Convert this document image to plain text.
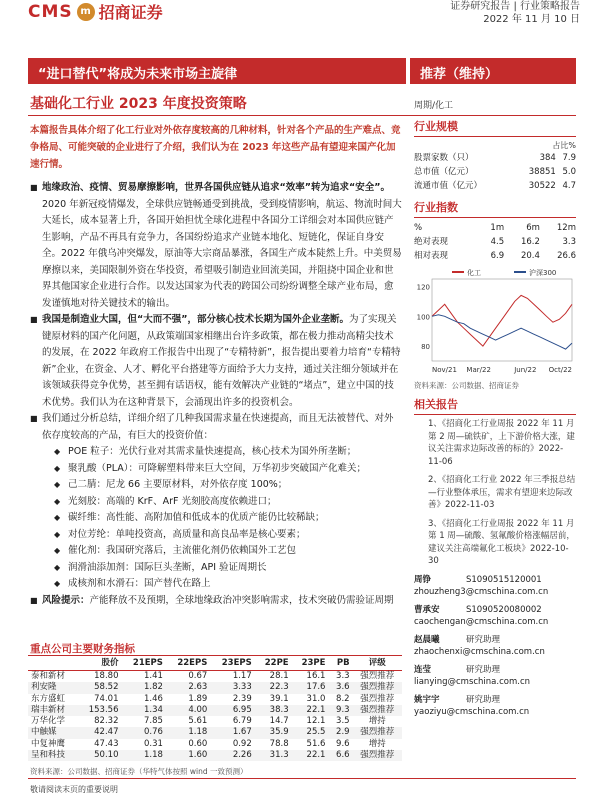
CMS m 招商证券	证券研究报告 | 行业策略报告
2022 年 11 月 10 日
“进口替代”将成为未来市场主旋律	推荐（维持）
基础化工行业 2023 年度投资策略	周期/化工
本篇报告具体介绍了化工行业对外依存度较高的几种材料，针对各个产品的生产难点、竞争格局、可能突破的企业进行了介绍，我们认为在 2023 年这些产品有望迎来国产化加速行情。
■ 地缘政治、疫情、贸易摩擦影响，世界各国供应链从追求“效率”转为追求“安全”。2020 年新冠疫情爆发，全球供应链畅通受到挑战，受到疫情影响，航运、物流时间大大延长，成本显著上升，各国开始担忧全球化进程中各国分工详细会对本国供应链产生影响，产品不再具有竞争力，各国纷纷追求产业链本地化、短链化，保证自身安全。2022 年俄乌冲突爆发，原油等大宗商品暴涨，各国生产成本陡然上升。中美贸易摩擦以来，美国限制外资在华投资，希望吸引制造业回流美国，并阻挠中国企业和世界其他国家企业进行合作。以发达国家为代表的跨国公司纷纷调整全球产业布局，愈发谨慎地对待关键技术的输出。
■ 我国是制造业大国，但“大而不强”，部分核心技术长期为国外企业垄断。为了实现关键原材料的国产化问题，从政策端国家相继出台许多政策，都在极力推动高精尖技术的发展，在 2022 年政府工作报告中出现了“专精特新”，报告提出要着力培育“专精特新”企业，在资金、人才、孵化平台搭建等方面给予大力支持，通过关注细分领域并在该领域获得竞争优势，甚至拥有话语权，能有效解决产业链的“堵点”，建立中国的技术优势。我们认为在这种背景下，会涌现出许多的投资机会。
■ 我们通过分析总结，详细介绍了几种我国需求量在快速提高，而且无法被替代、对外依存度较高的产品，有巨大的投资价值：
◆ POE 粒子：光伏行业对其需求量快速提高，核心技术为国外所垄断；
◆ 聚乳酸（PLA）：可降解塑料带来巨大空间，万华初步突破国产化难关；
◆ 己二腈：尼龙 66 主要原材料，对外依存度 100%；
◆ 光刻胶：高端的 KrF、ArF 光刻胶高度依赖进口；
◆ 碳纤维：高性能、高附加值和低成本的优质产能仍比较稀缺；
◆ 对位芳纶：单吨投资高，高质量和高良品率是核心要素；
◆ 催化剂：我国研究落后，主流催化剂仍依赖国外工艺包
◆ 润滑油添加剂：国际巨头垄断，API 验证周期长
◆ 成核剂和水滑石：国产替代在路上
■ 风险提示：产能释放不及预期，全球地缘政治冲突影响需求，技术突破仍需验证周期
行业规模
占比%
股票家数（只）	384	7.9
总市值（亿元）	38851	5.0
流通市值（亿元）	30522	4.7
行业指数
%	1m	6m	12m
绝对表现	4.5	16.2	3.3
相对表现	6.9	20.4	26.6
120
100
80
Nov/21 Mar/22	Jun/22 Oct/22
化工	沪深300
资料来源：公司数据、招商证券
相关报告
1、《招商化工行业周报 2022 年 11 月第 2 周—硫铁矿，上下游价格大涨，建议关注需求边际改善的标的》2022-11-06
2、《招商化工行业 2022 年三季报总结—行业整体承压，需求有望迎来边际改善》2022-11-03
3、《招商化工行业周报 2022 年 11 月第 1 周—硫酸、氢氟酸价格涨幅居前，建议关注高端氟化工板块》2022-10-30
周铮	S1090515120001
zhouzheng3@cmschina.com.cn
曹承安	S1090520080002
caochengan@cmschina.com.cn
赵晨曦	研究助理
zhaochenxi@cmschina.com.cn
连莹	研究助理
lianying@cmschina.com.cn
姚宇宇	研究助理
yaoziyu@cmschina.com.cn
重点公司主要财务指标
	股价	21EPS	22EPS	23EPS	22PE	23PE	PB	评级
泰和新材	18.80	1.41	0.67	1.17	28.1	16.1	3.3	强烈推荐
利安隆	58.52	1.82	2.63	3.33	22.3	17.6	3.6	强烈推荐
东方盛虹	74.01	1.46	1.89	2.39	39.1	31.0	8.2	强烈推荐
瑞丰新材	153.56	1.34	4.00	6.95	38.3	22.1	9.3	强烈推荐
万华化学	82.32	7.85	5.61	6.79	14.7	12.1	3.5	增持
中触媒	42.47	0.76	1.18	1.67	35.9	25.5	2.9	强烈推荐
中复神鹰	47.43	0.31	0.60	0.92	78.8	51.6	9.6	增持
呈和科技	50.10	1.18	1.60	2.26	31.3	22.1	6.6	强烈推荐
资料来源：公司数据、招商证券（华特气体按照 wind 一致预测）
敬请阅读末页的重要说明
